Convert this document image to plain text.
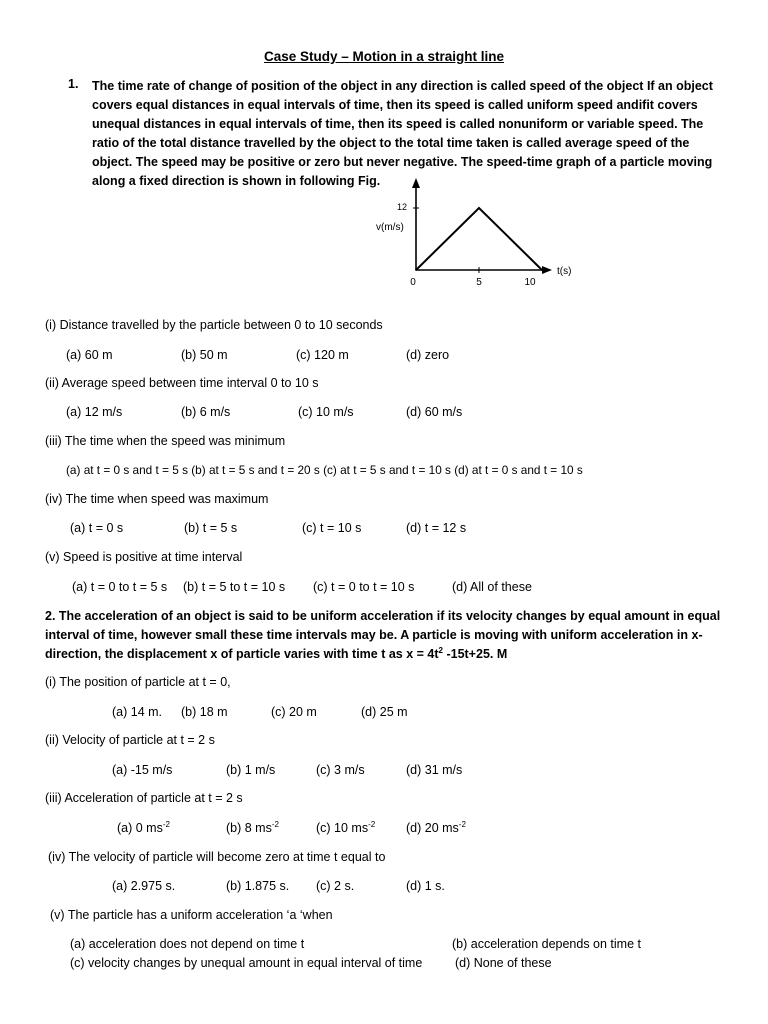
Case Study – Motion in a straight line
1. The time rate of change of position of the object in any direction is called speed of the object If an object covers equal distances in equal intervals of time, then its speed is called uniform speed andifit covers unequal distances in equal intervals of time, then its speed is called nonuniform or variable speed. The ratio of the total distance travelled by the object to the total time taken is called average speed of the object. The speed may be positive or zero but never negative. The speed-time graph of a particle moving along a fixed direction is shown in following Fig.
12
v(m/s)
0	5	10
t(s)
(i) Distance travelled by the particle between 0 to 10 seconds
(a) 60 m	(b) 50 m	(c) 120 m	(d) zero
(ii) Average speed between time interval 0 to 10 s
(a) 12 m/s	(b) 6 m/s	(c) 10 m/s	(d) 60 m/s
(iii) The time when the speed was minimum
(a) at t = 0 s and t = 5 s (b) at t = 5 s and t = 20 s (c) at t = 5 s and t = 10 s (d) at t = 0 s and t = 10 s
(iv) The time when speed was maximum
(a) t = 0 s	(b) t = 5 s	(c) t = 10 s	(d) t = 12 s
(v) Speed is positive at time interval
(a) t = 0 to t = 5 s (b) t = 5 to t = 10 s (c) t = 0 to t = 10 s	(d) All of these
2. The acceleration of an object is said to be uniform acceleration if its velocity changes by equal amount in equal interval of time, however small these time intervals may be. A particle is moving with uniform acceleration in x-direction, the displacement x of particle varies with time t as $x = 4t^2$ -15t+25. M
(i) The position of particle at t = 0,
(a) 14 m. (b) 18 m	(c) 20 m	(d) 25 m
(ii) Velocity of particle at t = 2 s
(a) -15 m/s	(b) 1 m/s	(c) 3 m/s	(d) 31 m/s
(iii) Acceleration of particle at t = 2 s
(a) 0 $ms^{-2}$	(b) 8 $ms^{-2}$	(c) 10 $ms^{-2}$ (d) 20 $ms^{-2}$
(iv) The velocity of particle will become zero at time t equal to
(a) 2.975 s.	(b) 1.875 s. (c) 2 s.	(d) 1 s.
(v) The particle has a uniform acceleration ‘a ‘when
(a) acceleration does not depend on time t	(b) acceleration depends on time t
(c) velocity changes by unequal amount in equal interval of time	(d) None of these
